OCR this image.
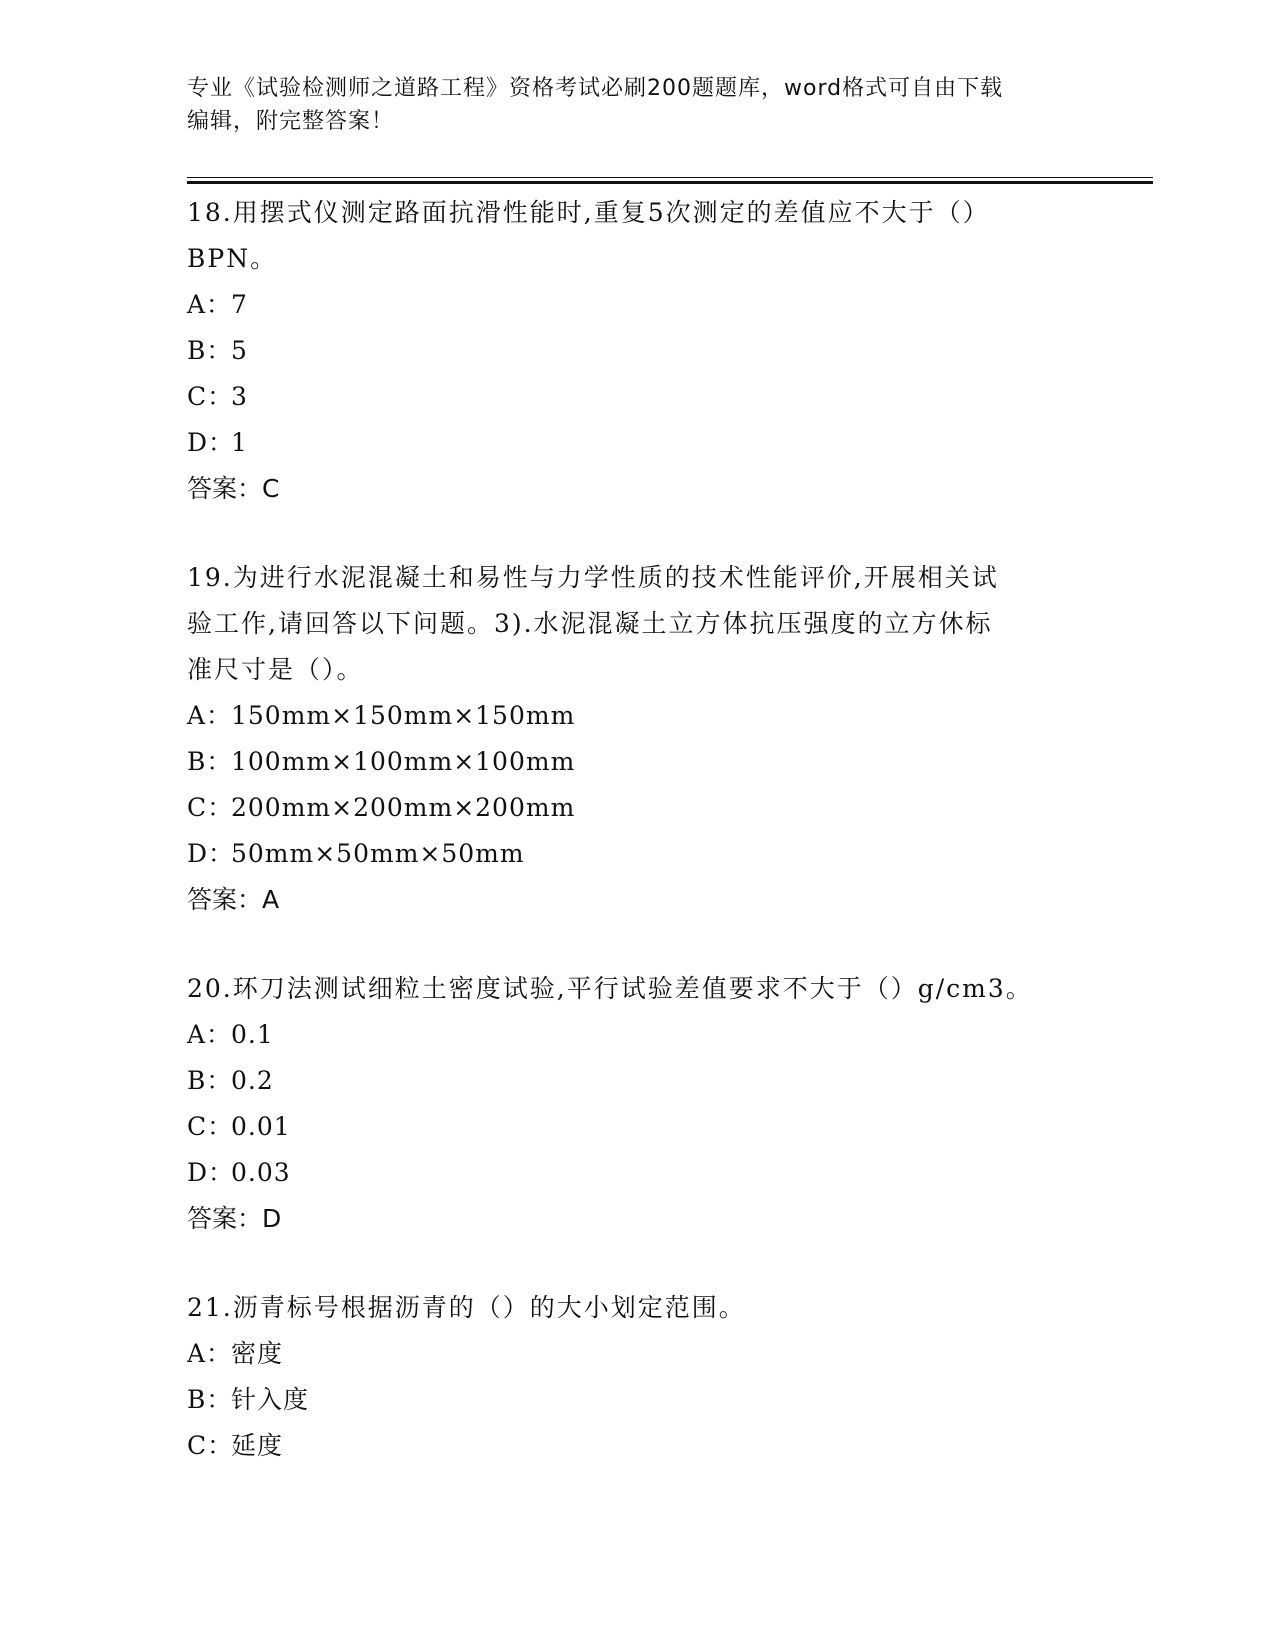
专业《试验检测师之道路工程》资格考试必刷200题题库，word格式可自由下载
编辑，附完整答案！
18.用摆式仪测定路面抗滑性能时,重复5次测定的差值应不大于（）
BPN。
A：7
B：5
C：3
D：1
答案：C
19.为进行水泥混凝土和易性与力学性质的技术性能评价,开展相关试
验工作,请回答以下问题。3).水泥混凝土立方体抗压强度的立方休标
准尺寸是（）。
A：150mm×150mm×150mm
B：100mm×100mm×100mm
C：200mm×200mm×200mm
D：50mm×50mm×50mm
答案：A
20.环刀法测试细粒土密度试验,平行试验差值要求不大于（）g/cm3。
A：0.1
B：0.2
C：0.01
D：0.03
答案：D
21.沥青标号根据沥青的（）的大小划定范围。
A：密度
B：针入度
C：延度
